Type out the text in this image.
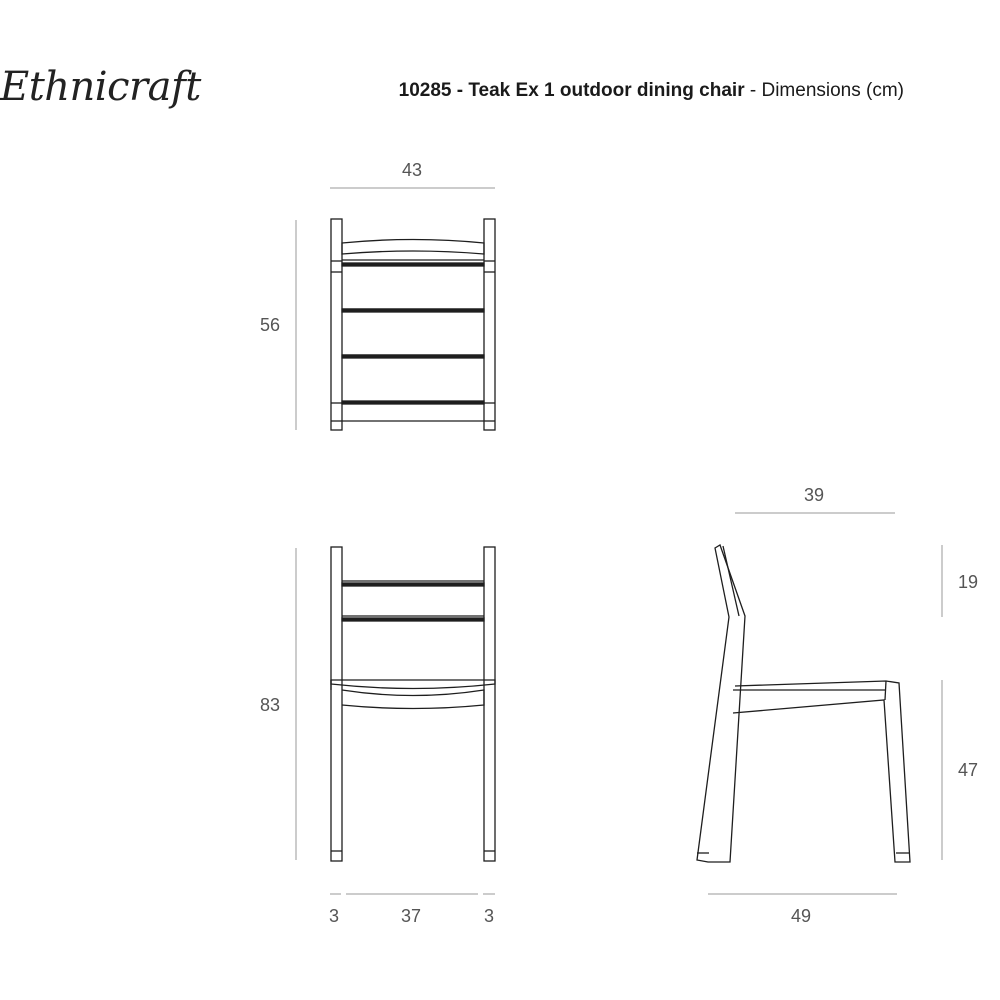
Ethnicraft	10285 - Teak Ex 1 outdoor dining chair - Dimensions (cm)
43
56
83
3	37	3
39
19
47
49
